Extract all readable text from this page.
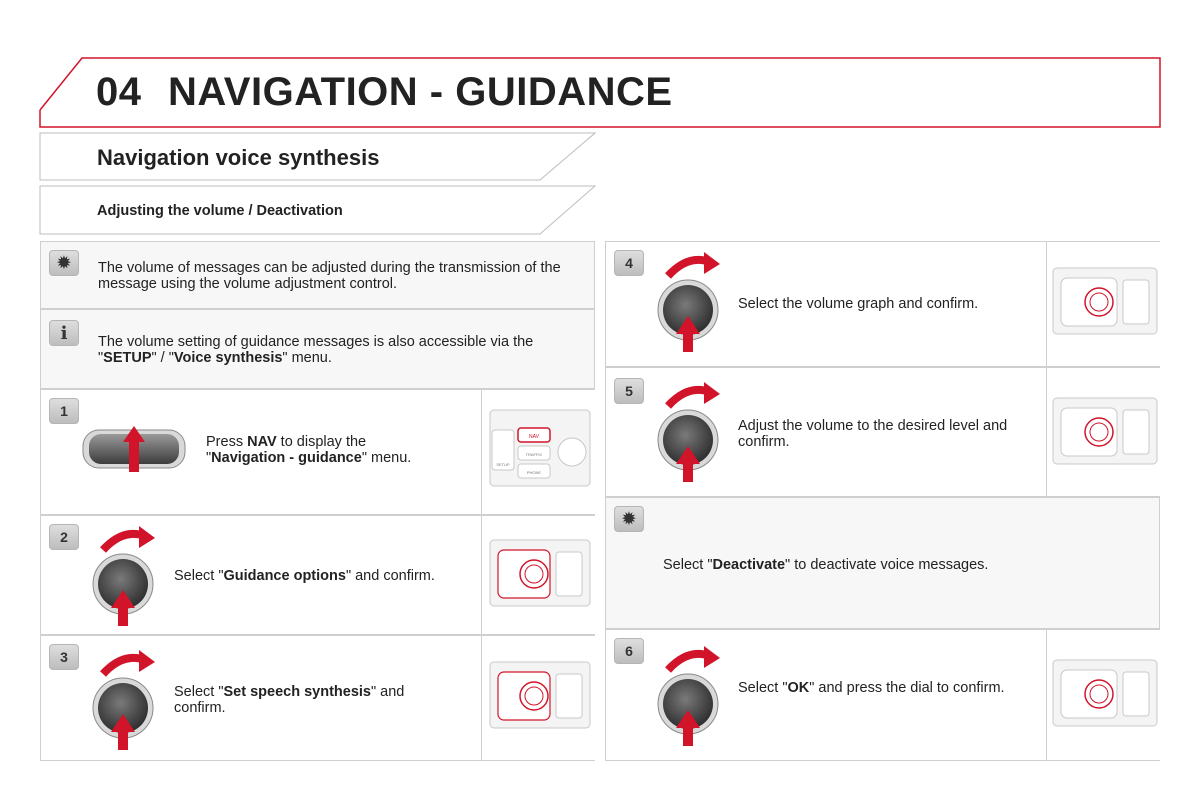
04 NAVIGATION - GUIDANCE
Navigation voice synthesis
Adjusting the volume / Deactivation
✹ The volume of messages can be adjusted during the transmission of the message using the volume adjustment control.
i The volume setting of guidance messages is also accessible via the "SETUP" / "Voice synthesis" menu.
1
Press NAV to display the
"Navigation - guidance" menu.
NAV
TRAFFIC
PHONE
SETUP
2
Select "Guidance options" and confirm.
3
Select "Set speech synthesis" and confirm.
4
Select the volume graph and confirm.
5
Adjust the volume to the desired level and confirm.
✹
Select "Deactivate" to deactivate voice messages.
6
Select "OK" and press the dial to confirm.
